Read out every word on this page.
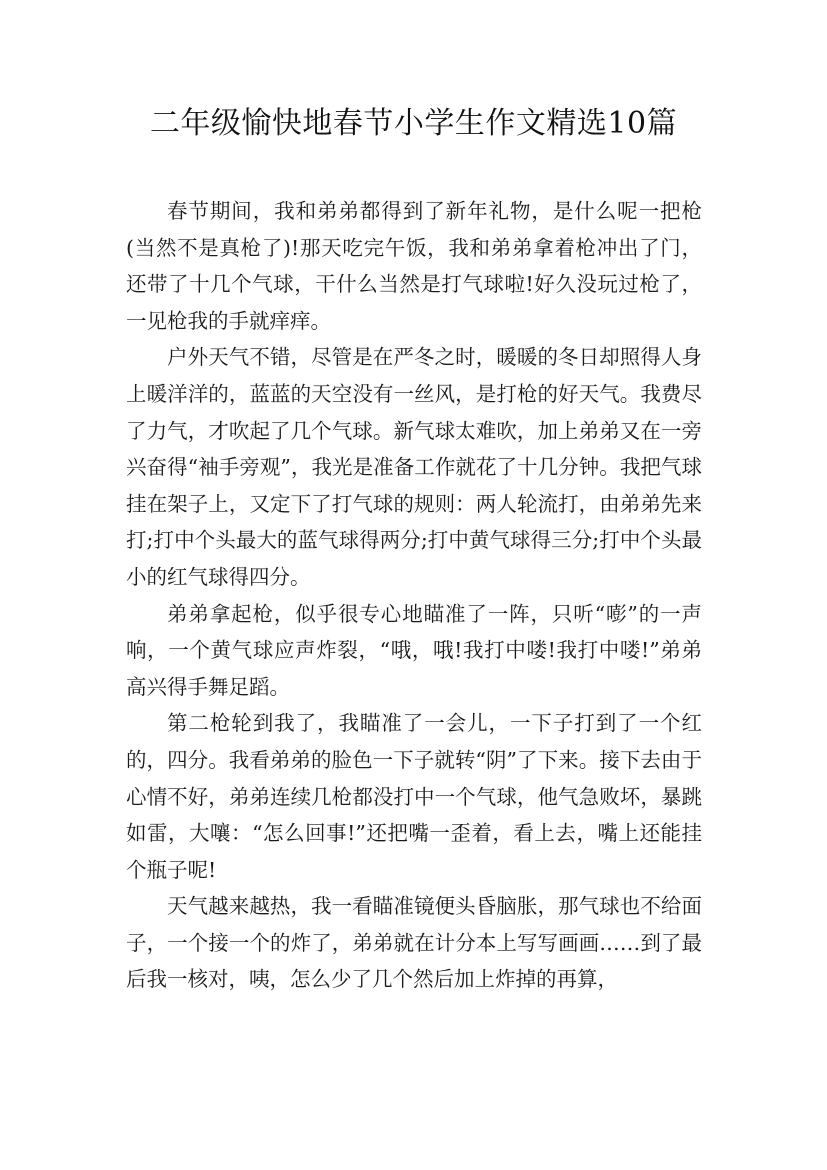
二年级愉快地春节小学生作文精选10篇

春节期间，我和弟弟都得到了新年礼物，是什么呢一把枪(当然不是真枪了)!那天吃完午饭，我和弟弟拿着枪冲出了门，还带了十几个气球，干什么当然是打气球啦!好久没玩过枪了，一见枪我的手就痒痒。

户外天气不错，尽管是在严冬之时，暖暖的冬日却照得人身上暖洋洋的，蓝蓝的天空没有一丝风，是打枪的好天气。我费尽了力气，才吹起了几个气球。新气球太难吹，加上弟弟又在一旁兴奋得“袖手旁观”，我光是准备工作就花了十几分钟。我把气球挂在架子上，又定下了打气球的规则：两人轮流打，由弟弟先来打;打中个头最大的蓝气球得两分;打中黄气球得三分;打中个头最小的红气球得四分。

弟弟拿起枪，似乎很专心地瞄准了一阵，只听“嘭”的一声响，一个黄气球应声炸裂，“哦，哦!我打中喽!我打中喽!”弟弟高兴得手舞足蹈。

第二枪轮到我了，我瞄准了一会儿，一下子打到了一个红的，四分。我看弟弟的脸色一下子就转“阴”了下来。接下去由于心情不好，弟弟连续几枪都没打中一个气球，他气急败坏，暴跳如雷，大嚷：“怎么回事!”还把嘴一歪着，看上去，嘴上还能挂个瓶子呢!

天气越来越热，我一看瞄准镜便头昏脑胀，那气球也不给面子，一个接一个的炸了，弟弟就在计分本上写写画画……到了最后我一核对，咦，怎么少了几个然后加上炸掉的再算，
